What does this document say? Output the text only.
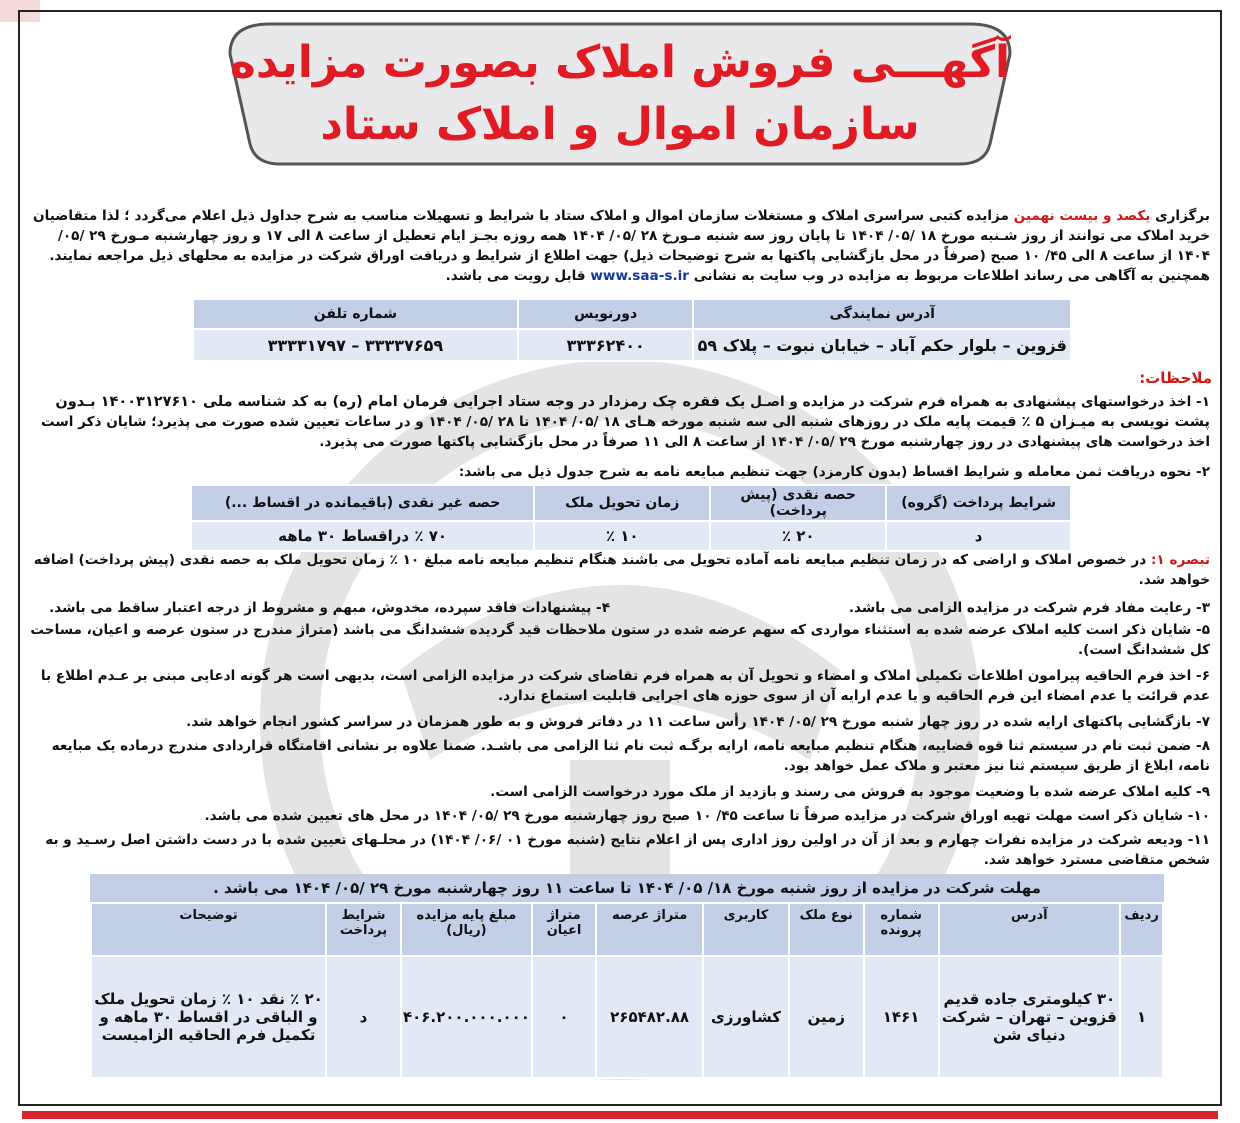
آگهـــی فروش املاک بصورت مزایده
سازمان اموال و املاک ستاد
برگزاری یکصد و بیست نهمین مزایده کتبی سراسری املاک و مستغلات سازمان اموال و املاک ستاد با شرایط و تسهیلات مناسب به شرح جداول ذیل اعلام می‌گردد ؛ لذا متقاضیان خرید املاک می توانند از روز شـنبه مورخ ۱۸ /۰۵/ ۱۴۰۴ تا پایان روز سه شنبه مـورخ ۲۸ /۰۵/ ۱۴۰۴ همه روزه بجـز ایام تعطیل از ساعت ۸ الی ۱۷ و روز چهارشنبه مـورخ ۲۹ /۰۵/ ۱۴۰۴ از ساعت ۸ الی ۴۵/ ۱۰ صبح (صرفاً در محل بازگشایی پاکتها به شرح توضیحات ذیل) جهت اطلاع از شرایط و دریافت اوراق شرکت در مزایده به محلهای ذیل مراجعه نمایند. همچنین به آگاهی می رساند اطلاعات مربوط به مزایده در وب سایت به نشانی www.saa-s.ir قابل رویت می باشد.
آدرس نمایندگی	دورنویس	شماره تلفن
قزوین – بلوار حکم آباد – خیابان نبوت – پلاک ۵۹	۳۳۳۶۲۴۰۰	۳۳۳۳۷۶۵۹ – ۳۳۳۳۱۷۹۷
ملاحظات:
۱- اخذ درخواستهای پیشنهادی به همراه فرم شرکت در مزایده و اصـل یک فقره چک رمزدار در وجه ستاد اجرایی فرمان امام (ره) به کد شناسه ملی ۱۴۰۰۳۱۲۷۶۱۰ بـدون پشت نویسی به میـزان ۵ ٪ قیمت پایه ملک در روزهای شنبه الی سه شنبه مورخه هـای ۱۸ /۰۵/ ۱۴۰۴ تا ۲۸ /۰۵/ ۱۴۰۴ و در ساعات تعیین شده صورت می پذیرد؛ شایان ذکر است اخذ درخواست های پیشنهادی در روز چهارشنبه مورخ ۲۹ /۰۵/ ۱۴۰۴ از ساعت ۸ الی ۱۱ صرفاً در محل بازگشایی پاکتها صورت می پذیرد.
۲- نحوه دریافت ثمن معامله و شرایط اقساط (بدون کارمزد) جهت تنظیم مبایعه نامه به شرح جدول ذیل می باشد:
شرایط پرداخت (گروه)	حصه نقدی (پیش پرداخت)	زمان تحویل ملک	حصه غیر نقدی (باقیمانده در اقساط ...)
د	۲۰ ٪	۱۰ ٪	۷۰ ٪ دراقساط ۳۰ ماهه
تبصره ۱: در خصوص املاک و اراضی که در زمان تنظیم مبایعه نامه آماده تحویل می باشند هنگام تنظیم مبایعه نامه مبلغ ۱۰ ٪ زمان تحویل ملک به حصه نقدی (پیش پرداخت) اضافه خواهد شد.
۳- رعایت مفاد فرم شرکت در مزایده الزامی می باشد.
۴- پیشنهادات فاقد سپرده، مخدوش، مبهم و مشروط از درجه اعتبار ساقط می باشد.
۵- شایان ذکر است کلیه املاک عرضه شده به استثناء مواردی که سهم عرضه شده در ستون ملاحظات قید گردیده ششدانگ می باشد (متراژ مندرج در ستون عرصه و اعیان، مساحت کل ششدانگ است).
۶- اخذ فرم الحاقیه پیرامون اطلاعات تکمیلی املاک و امضاء و تحویل آن به همراه فرم تقاضای شرکت در مزایده الزامی است، بدیهی است هر گونه ادعایی مبنی بر عـدم اطلاع با عدم قرائت یا عدم امضاء این فرم الحاقیه و یا عدم ارایه آن از سوی حوزه های اجرایی قابلیت استماع ندارد.
۷- بازگشایی پاکتهای ارایه شده در روز چهار شنبه مورخ ۲۹ /۰۵/ ۱۴۰۴ رأس ساعت ۱۱ در دفاتر فروش و به طور همزمان در سراسر کشور انجام خواهد شد.
۸- ضمن ثبت نام در سیستم ثنا قوه قضاییه، هنگام تنظیم مبایعه نامه، ارایه برگـه ثبت نام ثنا الزامی می باشـد. ضمنا علاوه بر نشانی اقامتگاه قراردادی مندرج درماده یک مبایعه نامه، ابلاغ از طریق سیستم ثنا نیز معتبر و ملاک عمل خواهد بود.
۹- کلیه املاک عرضه شده با وضعیت موجود به فروش می رسند و بازدید از ملک مورد درخواست الزامی است.
۱۰- شایان ذکر است مهلت تهیه اوراق شرکت در مزایده صرفاً تا ساعت ۴۵/ ۱۰ صبح روز چهارشنبه مورخ ۲۹ /۰۵/ ۱۴۰۴ در محل های تعیین شده می باشد.
۱۱- ودیعه شرکت در مزایده نفرات چهارم و بعد از آن در اولین روز اداری پس از اعلام نتایج (شنبه مورخ ۰۱ /۰۶/ ۱۴۰۴) در محلـهای تعیین شده با در دست داشتن اصل رسـید و به شخص متقاضی مسترد خواهد شد.
مهلت شرکت در مزایده از روز شنبه مورخ ۱۸/ ۰۵/ ۱۴۰۴ تا ساعت ۱۱ روز چهارشنبه مورخ ۲۹ /۰۵/ ۱۴۰۴ می باشد .
ردیف	آدرس	شماره پرونده	نوع ملک	کاربری	متراژ عرصه	متراژ اعیان	مبلغ پایه مزایده (ریال)	شرایط پرداخت	توضیحات
۱	۳۰ کیلومتری جاده قدیم قزوین – تهران – شرکت دنیای شن	۱۴۶۱	زمین	کشاورزی	۲۶۵۴۸۲.۸۸	۰	۴۰۶.۲۰۰.۰۰۰.۰۰۰	د	۲۰ ٪ نقد ۱۰ ٪ زمان تحویل ملک و الباقی در اقساط ۳۰ ماهه و تکمیل فرم الحاقیه الزامیست
